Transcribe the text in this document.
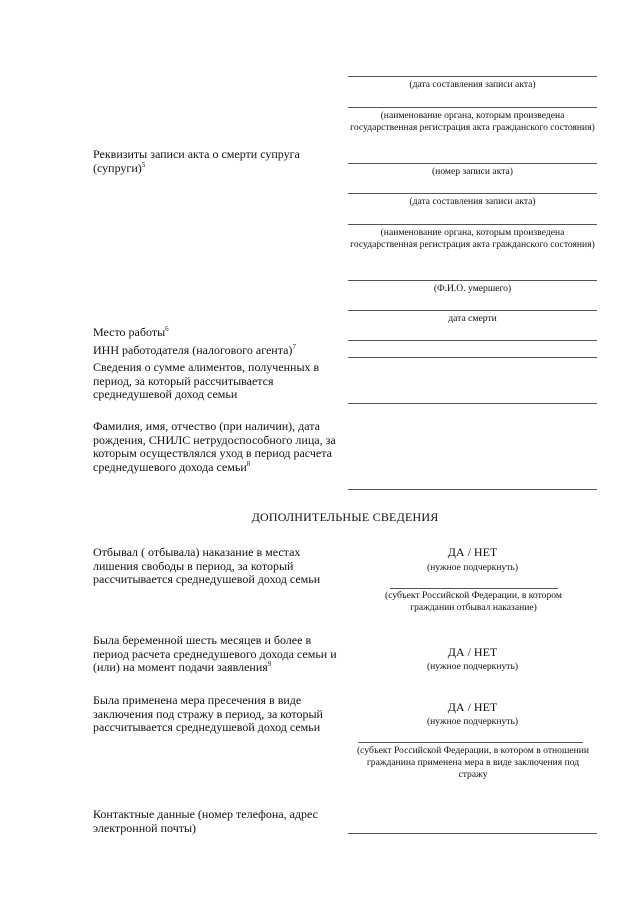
(дата составления записи акта)
(наименование органа, которым произведена государственная регистрация акта гражданского состояния)
(номер записи акта)
(дата составления записи акта)
(наименование органа, которым произведена государственная регистрация акта гражданского состояния)
(Ф.И.О. умершего)
дата смерти
Реквизиты записи акта о смерти супруга (супруги)$^5$
Место работы$^6$
ИНН работодателя (налогового агента)$^7$
Сведения о сумме алиментов, полученных в период, за который рассчитывается среднедушевой доход семьи
Фамилия, имя, отчество (при наличии), дата рождения, СНИЛС нетрудоспособного лица, за которым осуществлялся уход в период расчета среднедушевого дохода семьи$^8$
ДОПОЛНИТЕЛЬНЫЕ СВЕДЕНИЯ
Отбывал ( отбывала) наказание в местах лишения свободы в период, за который рассчитывается среднедушевой доход семьи
ДА / НЕТ
(нужное подчеркнуть)
(субъект Российской Федерации, в котором гражданин отбывал наказание)
Была беременной шесть месяцев и более в период расчета среднедушевого дохода семьи и (или) на момент подачи заявления$^9$
ДА / НЕТ
(нужное подчеркнуть)
Была применена мера пресечения в виде заключения под стражу в период, за который рассчитывается среднедушевой доход семьи
ДА / НЕТ
(нужное подчеркнуть)
(субъект Российской Федерации, в котором в отношении гражданина применена мера в виде заключения под стражу
Контактные данные (номер телефона, адрес электронной почты)
